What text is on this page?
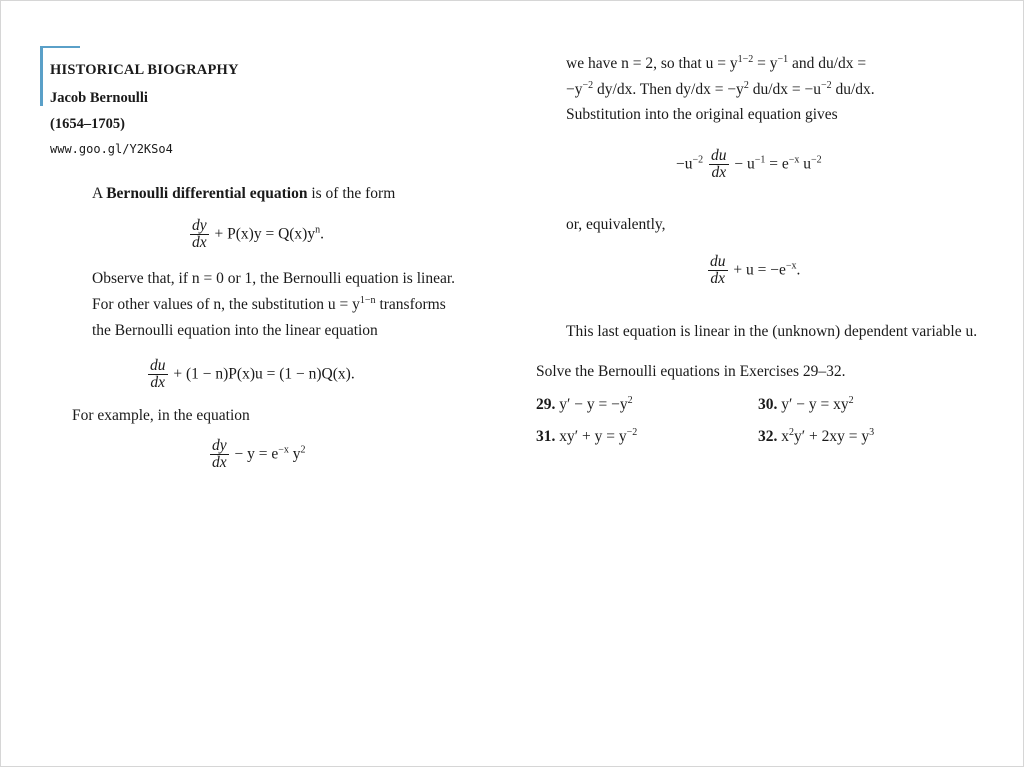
HISTORICAL BIOGRAPHY
Jacob Bernoulli
(1654–1705)
www.goo.gl/Y2KSo4
A Bernoulli differential equation is of the form
$\frac{dy}{dx} + P(x)y = Q(x)y^n$.
Observe that, if n = 0 or 1, the Bernoulli equation is linear.
For other values of n, the substitution $u = y^{1-n}$ transforms
the Bernoulli equation into the linear equation
$\frac{du}{dx} + (1 - n)P(x)u = (1 - n)Q(x)$.
For example, in the equation
$\frac{dy}{dx} - y = e^{-x}$ $y^2$
we have n = 2, so that $u = y^{1-2} = y^{-1}$ and du/dx =
$-y^{-2}$ dy/dx. Then $dy/dx = -y^2$ $du/dx = -u^{-2}$ du/dx.
Substitution into the original equation gives
$-u^{-2} \frac{du}{dx} - u^{-1} = e^{-x}$ $u^{-2}$
or, equivalently,
$\frac{du}{dx} + u = -e^{-x}$.
This last equation is linear in the (unknown) dependent variable u.
Solve the Bernoulli equations in Exercises 29–32.
29. $y' - y = -y^2$	30. $y' - y = xy^2$
31. $xy' + y = y^{-2}$	32. $x^2y' + 2xy = y^3$
